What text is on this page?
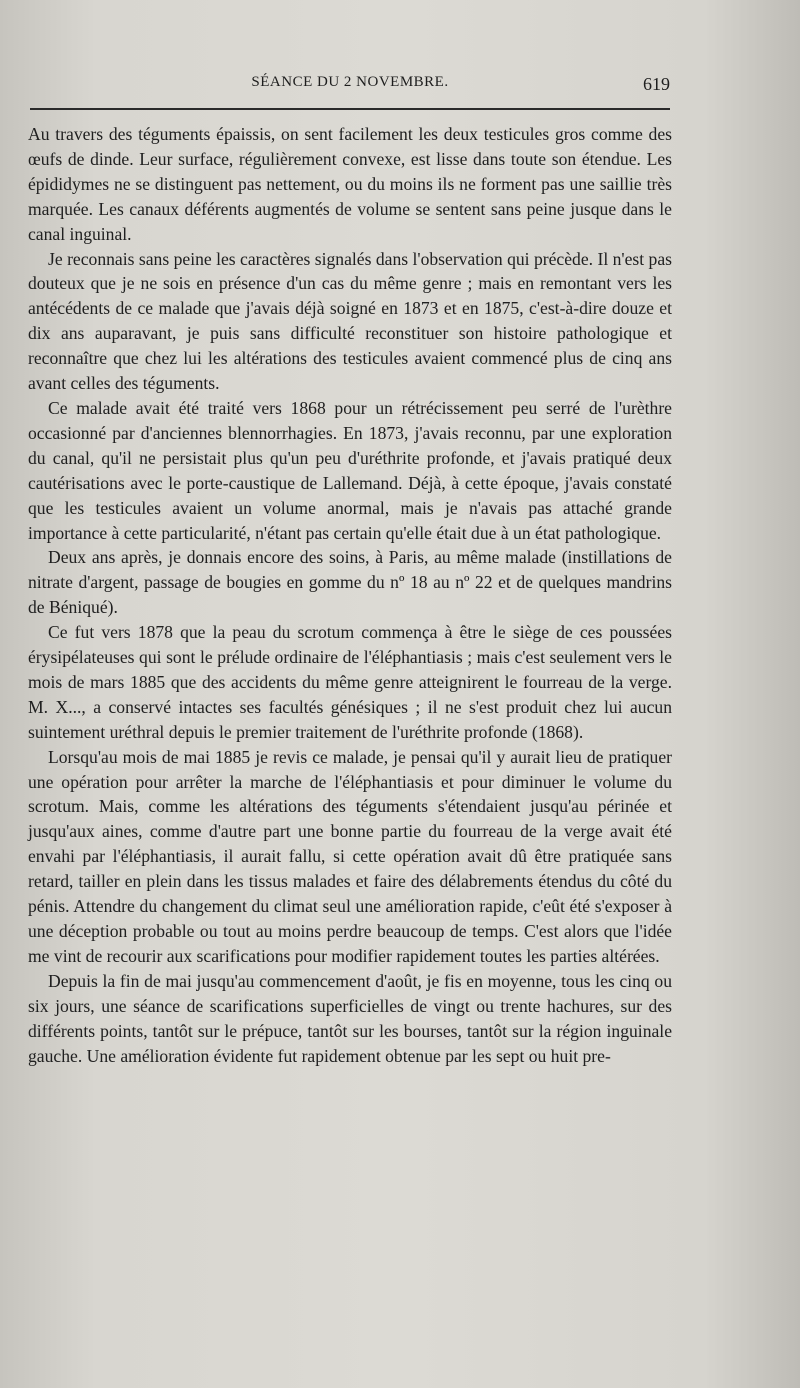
SÉANCE DU 2 NOVEMBRE.	619

Au travers des téguments épaissis, on sent facilement les deux testicules gros comme des œufs de dinde. Leur surface, régulièrement convexe, est lisse dans toute son étendue. Les épididymes ne se distinguent pas nettement, ou du moins ils ne forment pas une saillie très marquée. Les canaux déférents augmentés de volume se sentent sans peine jusque dans le canal inguinal.

Je reconnais sans peine les caractères signalés dans l'observation qui précède. Il n'est pas douteux que je ne sois en présence d'un cas du même genre ; mais en remontant vers les antécédents de ce malade que j'avais déjà soigné en 1873 et en 1875, c'est-à-dire douze et dix ans auparavant, je puis sans difficulté reconstituer son histoire pathologique et reconnaître que chez lui les altérations des testicules avaient commencé plus de cinq ans avant celles des téguments.

Ce malade avait été traité vers 1868 pour un rétrécissement peu serré de l'urèthre occasionné par d'anciennes blennorrhagies. En 1873, j'avais reconnu, par une exploration du canal, qu'il ne persistait plus qu'un peu d'uréthrite profonde, et j'avais pratiqué deux cautérisations avec le porte-caustique de Lallemand. Déjà, à cette époque, j'avais constaté que les testicules avaient un volume anormal, mais je n'avais pas attaché grande importance à cette particularité, n'étant pas certain qu'elle était due à un état pathologique.

Deux ans après, je donnais encore des soins, à Paris, au même malade (instillations de nitrate d'argent, passage de bougies en gomme du nº 18 au nº 22 et de quelques mandrins de Béniqué).

Ce fut vers 1878 que la peau du scrotum commença à être le siège de ces poussées érysipélateuses qui sont le prélude ordinaire de l'éléphantiasis ; mais c'est seulement vers le mois de mars 1885 que des accidents du même genre atteignirent le fourreau de la verge. M. X..., a conservé intactes ses facultés génésiques ; il ne s'est produit chez lui aucun suintement uréthral depuis le premier traitement de l'uréthrite profonde (1868).

Lorsqu'au mois de mai 1885 je revis ce malade, je pensai qu'il y aurait lieu de pratiquer une opération pour arrêter la marche de l'éléphantiasis et pour diminuer le volume du scrotum. Mais, comme les altérations des téguments s'étendaient jusqu'au périnée et jusqu'aux aines, comme d'autre part une bonne partie du fourreau de la verge avait été envahi par l'éléphantiasis, il aurait fallu, si cette opération avait dû être pratiquée sans retard, tailler en plein dans les tissus malades et faire des délabrements étendus du côté du pénis. Attendre du changement du climat seul une amélioration rapide, c'eût été s'exposer à une déception probable ou tout au moins perdre beaucoup de temps. C'est alors que l'idée me vint de recourir aux scarifications pour modifier rapidement toutes les parties altérées.

Depuis la fin de mai jusqu'au commencement d'août, je fis en moyenne, tous les cinq ou six jours, une séance de scarifications superficielles de vingt ou trente hachures, sur des différents points, tantôt sur le prépuce, tantôt sur les bourses, tantôt sur la région inguinale gauche. Une amélioration évidente fut rapidement obtenue par les sept ou huit pre-
